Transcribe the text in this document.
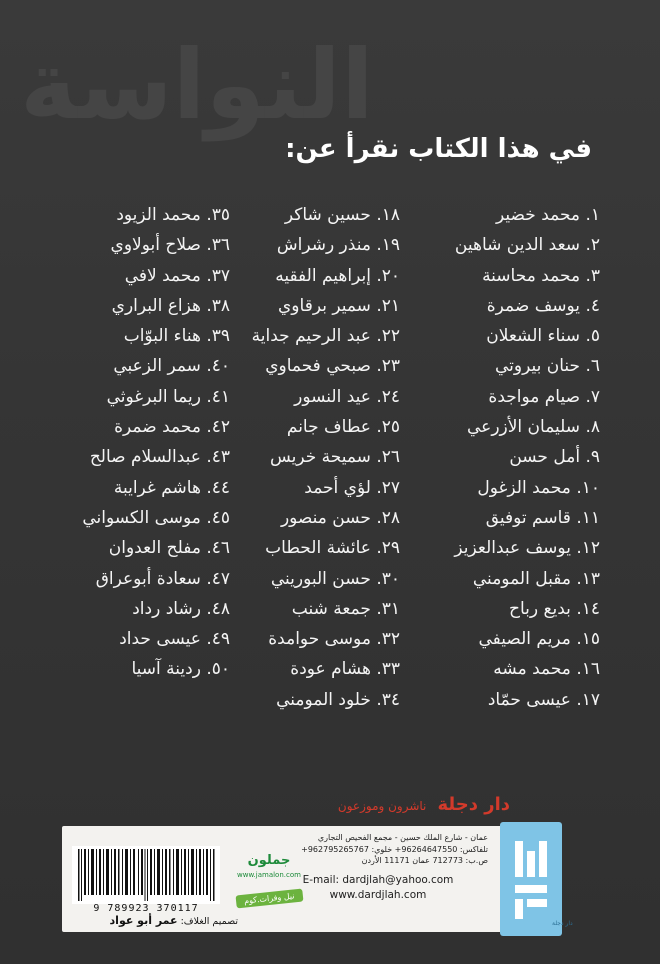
النواسة
في هذا الكتاب نقرأ عن:
١. محمد خضير
٢. سعد الدين شاهين
٣. محمد محاسنة
٤. يوسف ضمرة
٥. سناء الشعلان
٦. حنان بيروتي
٧. صيام مواجدة
٨. سليمان الأزرعي
٩. أمل حسن
١٠. محمد الزغول
١١. قاسم توفيق
١٢. يوسف عبدالعزيز
١٣. مقبل المومني
١٤. بديع رباح
١٥. مريم الصيفي
١٦. محمد مشه
١٧. عيسى حمّاد
١٨. حسين شاكر
١٩. منذر رشراش
٢٠. إبراهيم الفقيه
٢١. سمير برقاوي
٢٢. عبد الرحيم جداية
٢٣. صبحي فحماوي
٢٤. عيد النسور
٢٥. عطاف جانم
٢٦. سميحة خريس
٢٧. لؤي أحمد
٢٨. حسن منصور
٢٩. عائشة الحطاب
٣٠. حسن البوريني
٣١. جمعة شنب
٣٢. موسى حوامدة
٣٣. هشام عودة
٣٤. خلود المومني
٣٥. محمد الزيود
٣٦. صلاح أبولاوي
٣٧. محمد لافي
٣٨. هزاع البراري
٣٩. هناء البوّاب
٤٠. سمر الزعبي
٤١. ريما البرغوثي
٤٢. محمد ضمرة
٤٣. عبدالسلام صالح
٤٤. هاشم غرايبة
٤٥. موسى الكسواني
٤٦. مفلح العدوان
٤٧. سعادة أبوعراق
٤٨. رشاد رداد
٤٩. عيسى حداد
٥٠. ردينة آسيا
دار دجلة ناشرون وموزعون
دار دجلة
عمان - شارع الملك حسين - مجمع الفحيص التجاري
تلفاكس: 96264647550+ خلوي: 962795265767+
ص.ب: 712773 عمان 11171 الأردن
E-mail: dardjlah@yahoo.com
www.dardjlah.com
جملون
www.jamalon.com
نيل وفرات.كوم
9 789923 370117
تصميم الغلاف: عمر أبو عواد
